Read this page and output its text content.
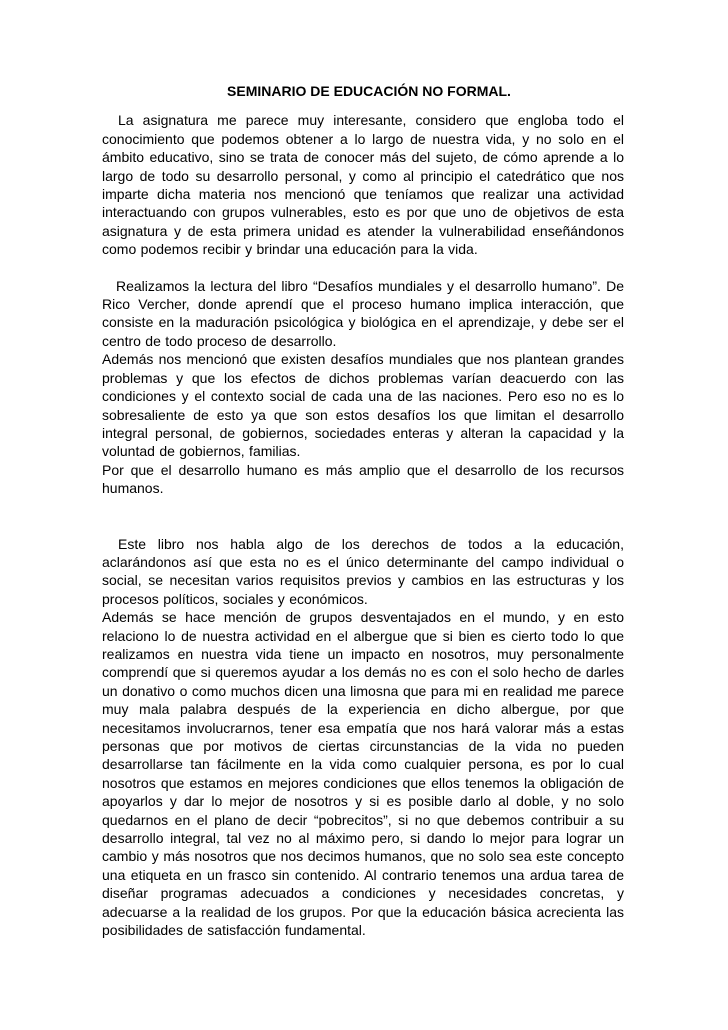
SEMINARIO DE EDUCACIÓN NO FORMAL.

La asignatura me parece muy interesante, considero que engloba todo el conocimiento que podemos obtener a lo largo de nuestra vida, y no solo en el ámbito educativo, sino se trata de conocer más del sujeto, de cómo aprende a lo largo de todo su desarrollo personal, y como al principio el catedrático que nos imparte dicha materia nos mencionó que teníamos que realizar una actividad interactuando con grupos vulnerables, esto es por que uno de objetivos de esta asignatura y de esta primera unidad es atender la vulnerabilidad enseñándonos como podemos recibir y brindar una educación para la vida.

Realizamos la lectura del libro “Desafíos mundiales y el desarrollo humano”. De Rico Vercher, donde aprendí que el proceso humano implica interacción, que consiste en la maduración psicológica y biológica en el aprendizaje, y debe ser el centro de todo proceso de desarrollo.

Además nos mencionó que existen desafíos mundiales que nos plantean grandes problemas y que los efectos de dichos problemas varían deacuerdo con las condiciones y el contexto social de cada una de las naciones. Pero eso no es lo sobresaliente de esto ya que son estos desafíos los que limitan el desarrollo integral personal, de gobiernos, sociedades enteras y alteran la capacidad y la voluntad de gobiernos, familias.

Por que el desarrollo humano es más amplio que el desarrollo de los recursos humanos.

Este libro nos habla algo de los derechos de todos a la educación, aclarándonos así que esta no es el único determinante del campo individual o social, se necesitan varios requisitos previos y cambios en las estructuras y los procesos políticos, sociales y económicos.

Además se hace mención de grupos desventajados en el mundo, y en esto relaciono lo de nuestra actividad en el albergue que si bien es cierto todo lo que realizamos en nuestra vida tiene un impacto en nosotros, muy personalmente comprendí que si queremos ayudar a los demás no es con el solo hecho de darles un donativo o como muchos dicen una limosna que para mi en realidad me parece muy mala palabra después de la experiencia en dicho albergue, por que necesitamos involucrarnos, tener esa empatía que nos hará valorar más a estas personas que por motivos de ciertas circunstancias de la vida no pueden desarrollarse tan fácilmente en la vida como cualquier persona, es por lo cual nosotros que estamos en mejores condiciones que ellos tenemos la obligación de apoyarlos y dar lo mejor de nosotros y si es posible darlo al doble, y no solo quedarnos en el plano de decir “pobrecitos”, si no que debemos contribuir a su desarrollo integral, tal vez no al máximo pero, si dando lo mejor para lograr un cambio y más nosotros que nos decimos humanos, que no solo sea este concepto una etiqueta en un frasco sin contenido. Al contrario tenemos una ardua tarea de diseñar programas adecuados a condiciones y necesidades concretas, y adecuarse a la realidad de los grupos. Por que la educación básica acrecienta las posibilidades de satisfacción fundamental.
